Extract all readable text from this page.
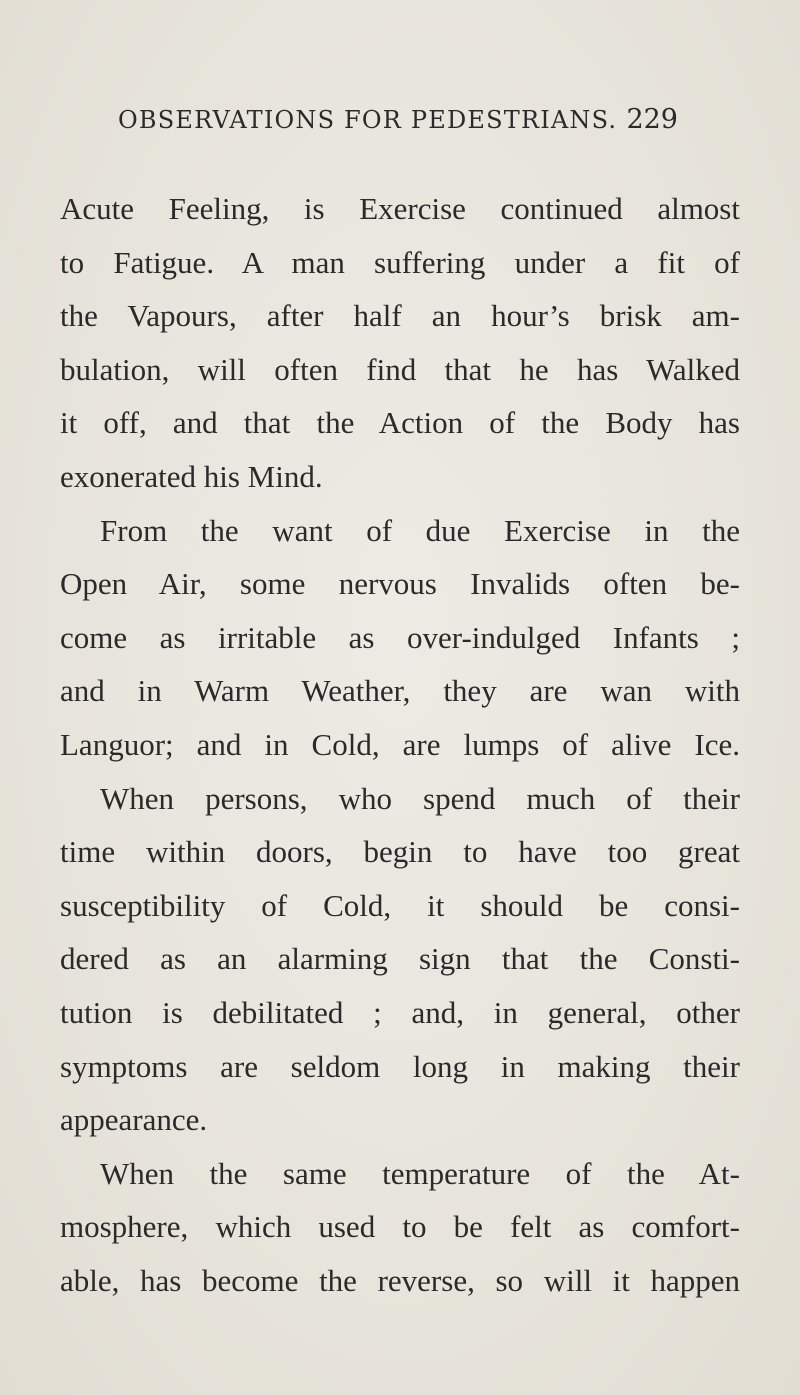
OBSERVATIONS FOR PEDESTRIANS. 229
Acute Feeling, is Exercise continued almost
to Fatigue. A man suffering under a fit of
the Vapours, after half an hour’s brisk am-
bulation, will often find that he has Walked
it off, and that the Action of the Body has
exonerated his Mind.
From the want of due Exercise in the
Open Air, some nervous Invalids often be-
come as irritable as over-indulged Infants ;
and in Warm Weather, they are wan with
Languor; and in Cold, are lumps of alive Ice.
When persons, who spend much of their
time within doors, begin to have too great
susceptibility of Cold, it should be consi-
dered as an alarming sign that the Consti-
tution is debilitated ; and, in general, other
symptoms are seldom long in making their
appearance.
When the same temperature of the At-
mosphere, which used to be felt as comfort-
able, has become the reverse, so will it happen
